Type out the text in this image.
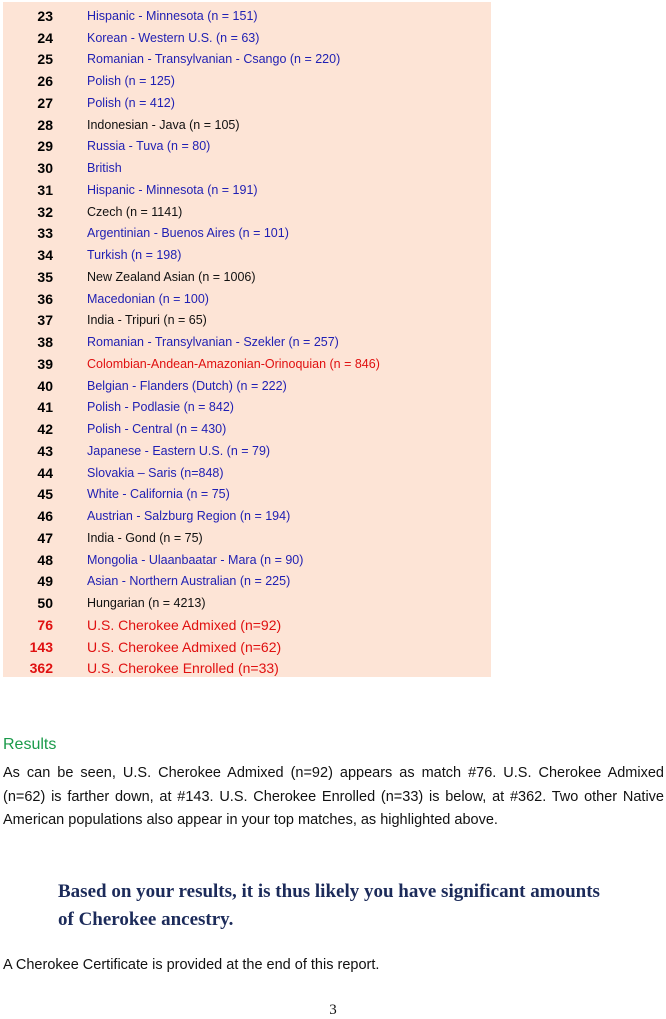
23	Hispanic - Minnesota (n = 151)
24	Korean - Western U.S. (n = 63)
25	Romanian - Transylvanian - Csango (n = 220)
26	Polish (n = 125)
27	Polish (n = 412)
28	Indonesian - Java (n = 105)
29	Russia - Tuva (n = 80)
30	British
31	Hispanic - Minnesota (n = 191)
32	Czech (n = 1141)
33	Argentinian - Buenos Aires (n = 101)
34	Turkish (n = 198)
35	New Zealand Asian (n = 1006)
36	Macedonian (n = 100)
37	India - Tripuri (n = 65)
38	Romanian - Transylvanian - Szekler (n = 257)
39	Colombian-Andean-Amazonian-Orinoquian (n = 846)
40	Belgian - Flanders (Dutch) (n = 222)
41	Polish - Podlasie (n = 842)
42	Polish - Central (n = 430)
43	Japanese - Eastern U.S. (n = 79)
44	Slovakia – Saris (n=848)
45	White - California (n = 75)
46	Austrian - Salzburg Region (n = 194)
47	India - Gond (n = 75)
48	Mongolia - Ulaanbaatar - Mara (n = 90)
49	Asian - Northern Australian (n = 225)
50	Hungarian (n = 4213)
76	U.S. Cherokee Admixed (n=92)
143	U.S. Cherokee Admixed (n=62)
362	U.S. Cherokee Enrolled (n=33)
Results
As can be seen, U.S. Cherokee Admixed (n=92) appears as match #76. U.S. Cherokee Admixed (n=62) is farther down, at #143. U.S. Cherokee Enrolled (n=33) is below, at #362. Two other Native American populations also appear in your top matches, as highlighted above.
Based on your results, it is thus likely you have significant amounts of Cherokee ancestry.
A Cherokee Certificate is provided at the end of this report.
3
